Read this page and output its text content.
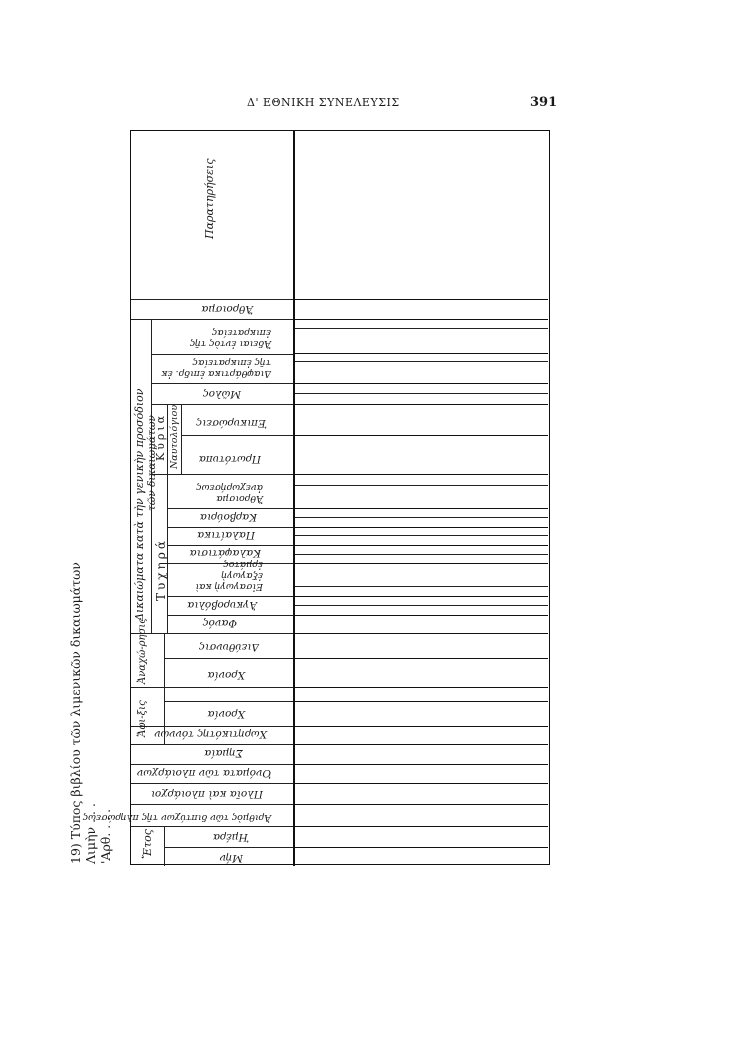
Δ' ΕΘΝΙΚΗ ΣΥΝΕΛΕΥΣΙΣ	391
19) Τύπος βιβλίου τῶν λιμενικῶν δικαιωμάτων Λιμὴν . . . 'Αρθ. . . .	Ἔτος
Ἄφι-ξις
Ἀναχώ-ρησις
Δικαιώματα κατὰ τὴν γενικὴν προσόδιον τῶν δικαιωμάτων
Τυχηρά
Κύρια Ναυτολόγιου
Μήν
Ἡμέρα
Ἀριθμὸς τῶν διπτύχων τῆς πληρώσεως
Πλοῖα καὶ πλοιάρχοι
Ὀνόματα τῶν πλοιάρχων
Σημαία
Χωρητικότης τόννων
Χρονία
Χρονία
Διεύθυνσις
Φανός
Ἀγκυροβόλια
Εἰσαγωγὴ καὶ ἐξαγωγὴ ἐρμάτος
Καλαφάτισια
Παλαίτικα
Καρβούρια
Ἄθροισμα ἀνεχωρήσεως
Πρωτότυπα
Ἐπικυρώσεις
Μῶλος
Διαφθάρτικα ἐπιδρ. ἐκ τῆς ἐπικρατείας
Ἄδειαι ἐντὸς τῆς ἐπικρατείας
Ἄθροισμα
Παρατηρήσεις
